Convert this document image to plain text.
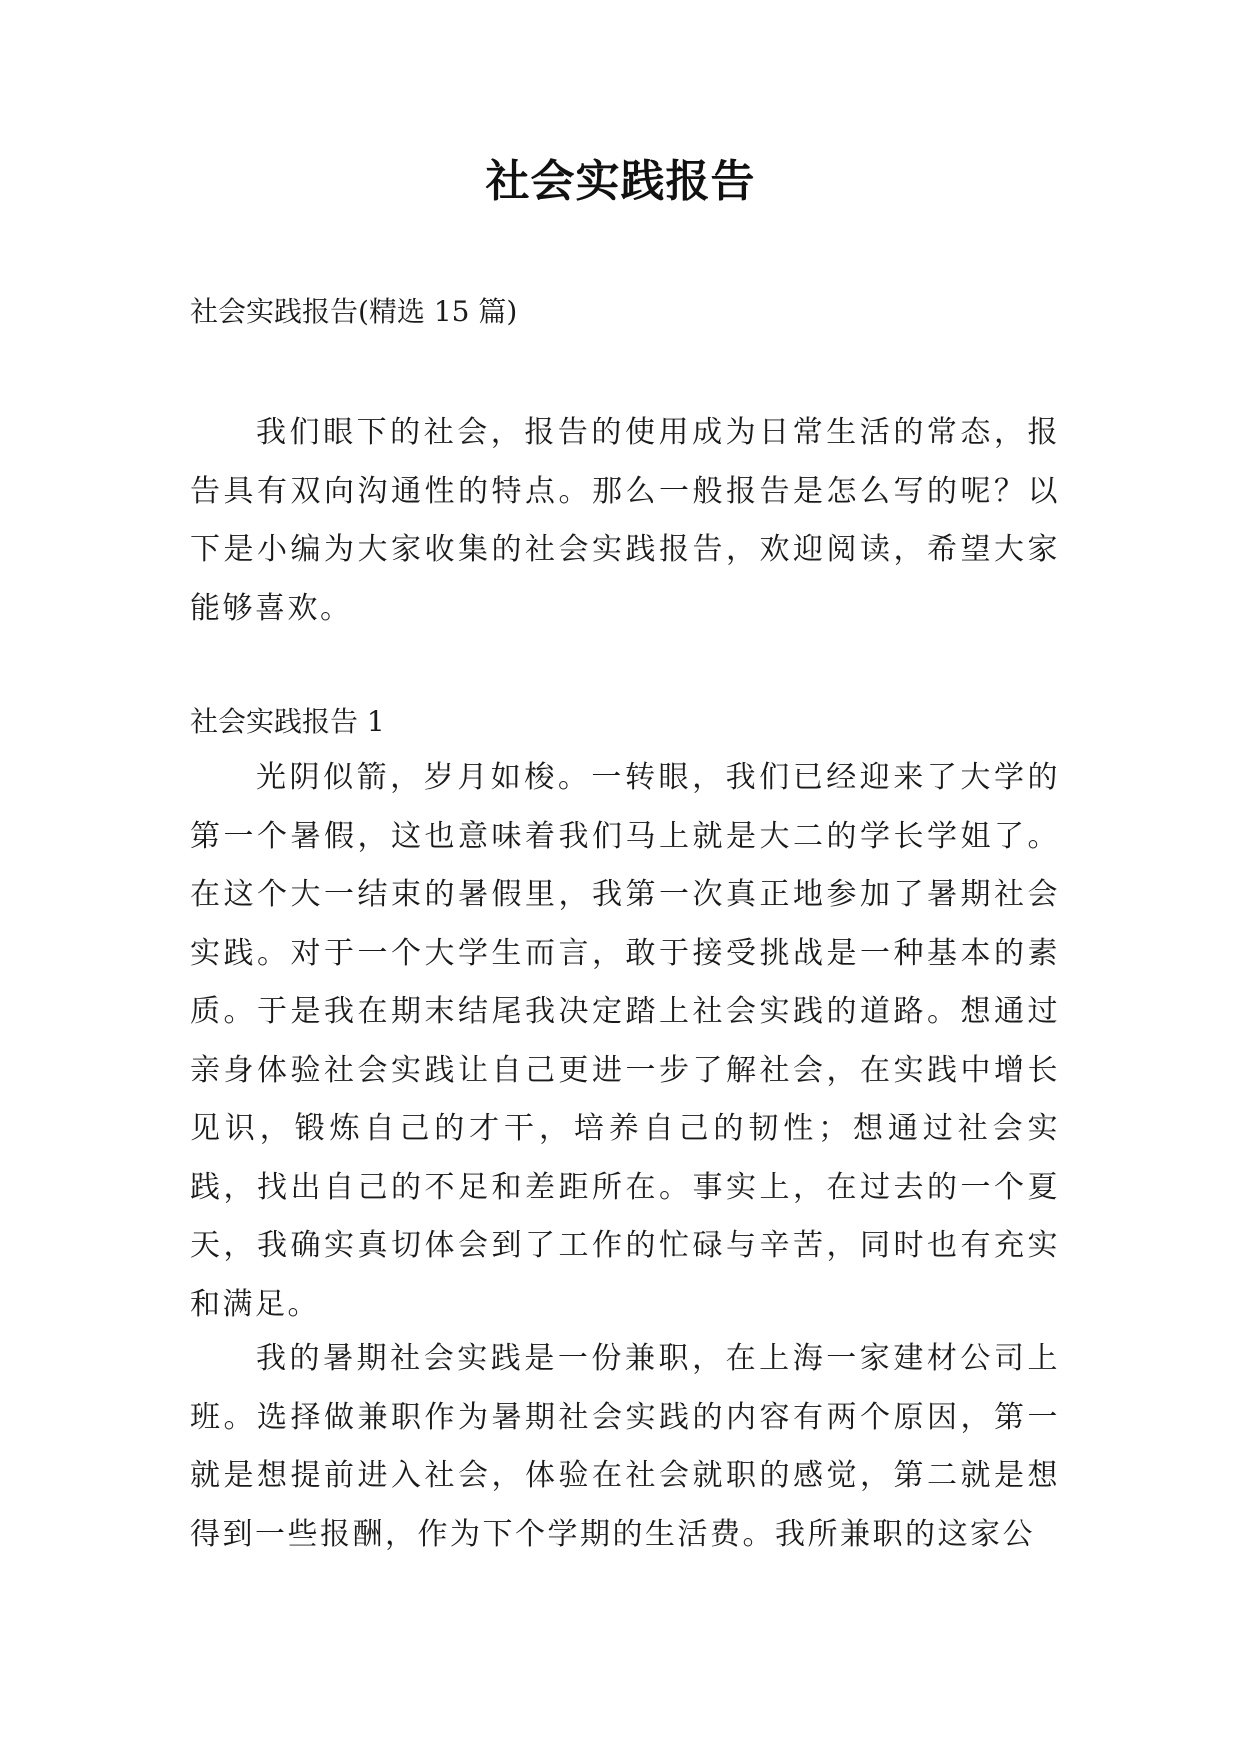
社会实践报告
社会实践报告(精选 15 篇)
我们眼下的社会，报告的使用成为日常生活的常态，报告具有双向沟通性的特点。那么一般报告是怎么写的呢？以下是小编为大家收集的社会实践报告，欢迎阅读，希望大家能够喜欢。
社会实践报告 1
光阴似箭，岁月如梭。一转眼，我们已经迎来了大学的第一个暑假，这也意味着我们马上就是大二的学长学姐了。在这个大一结束的暑假里，我第一次真正地参加了暑期社会实践。对于一个大学生而言，敢于接受挑战是一种基本的素质。于是我在期末结尾我决定踏上社会实践的道路。想通过亲身体验社会实践让自己更进一步了解社会，在实践中增长见识，锻炼自己的才干，培养自己的韧性；想通过社会实践，找出自己的不足和差距所在。事实上，在过去的一个夏天，我确实真切体会到了工作的忙碌与辛苦，同时也有充实和满足。
我的暑期社会实践是一份兼职，在上海一家建材公司上班。选择做兼职作为暑期社会实践的内容有两个原因，第一就是想提前进入社会，体验在社会就职的感觉，第二就是想得到一些报酬，作为下个学期的生活费。我所兼职的这家公
